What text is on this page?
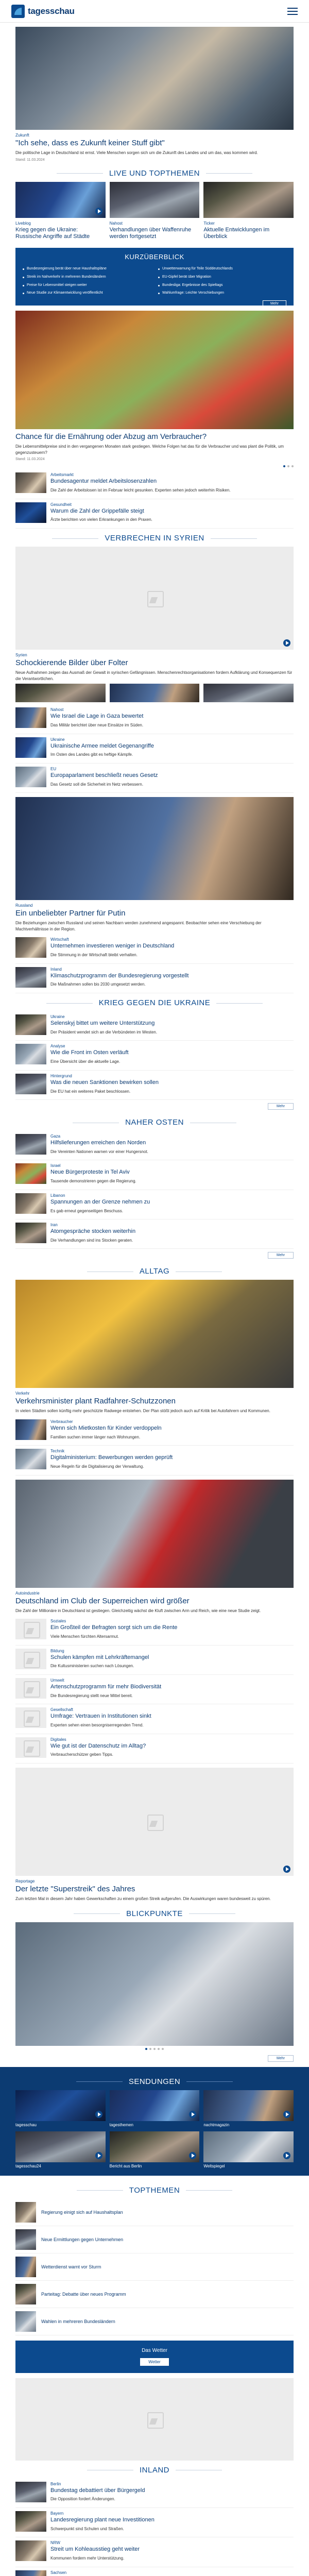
tagesschau
Zukunft
"Ich sehe, dass es Zukunft keiner Stuff gibt"
Die politische Lage in Deutschland ist ernst. Viele Menschen sorgen sich um die Zukunft des Landes und um das, was kommen wird.
Stand: 11.03.2024
LIVE UND TOPTHEMEN
Liveblog
Krieg gegen die Ukraine: Russische Angriffe auf Städte
Nahost
Verhandlungen über Waffenruhe werden fortgesetzt
Ticker
Aktuelle Entwicklungen im Überblick
KURZÜBERBLICK
Bundesregierung berät über neue Haushaltspläne
Streik im Nahverkehr in mehreren Bundesländern
Preise für Lebensmittel steigen weiter
Neue Studie zur Klimaentwicklung veröffentlicht
Unwetterwarnung für Teile Süddeutschlands
EU-Gipfel berät über Migration
Bundesliga: Ergebnisse des Spieltags
Wahlumfrage: Leichte Verschiebungen
Mehr
Chance für die Ernährung oder Abzug am Verbraucher?
Die Lebensmittelpreise sind in den vergangenen Monaten stark gestiegen. Welche Folgen hat das für die Verbraucher und was plant die Politik, um gegenzusteuern?
Stand: 11.03.2024
Arbeitsmarkt
Bundesagentur meldet Arbeitslosenzahlen
Die Zahl der Arbeitslosen ist im Februar leicht gesunken. Experten sehen jedoch weiterhin Risiken.
Gesundheit
Warum die Zahl der Grippefälle steigt
Ärzte berichten von vielen Erkrankungen in den Praxen.
VERBRECHEN IN SYRIEN
Syrien
Schockierende Bilder über Folter
Neue Aufnahmen zeigen das Ausmaß der Gewalt in syrischen Gefängnissen. Menschenrechtsorganisationen fordern Aufklärung und Konsequenzen für die Verantwortlichen.
Nahost
Wie Israel die Lage in Gaza bewertet
Das Militär berichtet über neue Einsätze im Süden.
Ukraine
Ukrainische Armee meldet Gegenangriffe
Im Osten des Landes gibt es heftige Kämpfe.
EU
Europaparlament beschließt neues Gesetz
Das Gesetz soll die Sicherheit im Netz verbessern.
Russland
Ein unbeliebter Partner für Putin
Die Beziehungen zwischen Russland und seinen Nachbarn werden zunehmend angespannt. Beobachter sehen eine Verschiebung der Machtverhältnisse in der Region.
Wirtschaft
Unternehmen investieren weniger in Deutschland
Die Stimmung in der Wirtschaft bleibt verhalten.
Inland
Klimaschutzprogramm der Bundesregierung vorgestellt
Die Maßnahmen sollen bis 2030 umgesetzt werden.
KRIEG GEGEN DIE UKRAINE
Ukraine
Selenskyj bittet um weitere Unterstützung
Der Präsident wendet sich an die Verbündeten im Westen.
Analyse
Wie die Front im Osten verläuft
Eine Übersicht über die aktuelle Lage.
Hintergrund
Was die neuen Sanktionen bewirken sollen
Die EU hat ein weiteres Paket beschlossen.
Mehr
NAHER OSTEN
Gaza
Hilfslieferungen erreichen den Norden
Die Vereinten Nationen warnen vor einer Hungersnot.
Israel
Neue Bürgerproteste in Tel Aviv
Tausende demonstrieren gegen die Regierung.
Libanon
Spannungen an der Grenze nehmen zu
Es gab erneut gegenseitigen Beschuss.
Iran
Atomgespräche stocken weiterhin
Die Verhandlungen sind ins Stocken geraten.
Mehr
ALLTAG
Verkehr
Verkehrsminister plant Radfahrer-Schutzzonen
In vielen Städten sollen künftig mehr geschützte Radwege entstehen. Der Plan stößt jedoch auch auf Kritik bei Autofahrern und Kommunen.
Verbraucher
Wenn sich Mietkosten für Kinder verdoppeln
Familien suchen immer länger nach Wohnungen.
Technik
Digitalministerium: Bewerbungen werden geprüft
Neue Regeln für die Digitalisierung der Verwaltung.
Autoindustrie
Deutschland im Club der Superreichen wird größer
Die Zahl der Millionäre in Deutschland ist gestiegen. Gleichzeitig wächst die Kluft zwischen Arm und Reich, wie eine neue Studie zeigt.
Soziales
Ein Großteil der Befragten sorgt sich um die Rente
Viele Menschen fürchten Altersarmut.
Bildung
Schulen kämpfen mit Lehrkräftemangel
Die Kultusministerien suchen nach Lösungen.
Umwelt
Artenschutzprogramm für mehr Biodiversität
Die Bundesregierung stellt neue Mittel bereit.
Gesellschaft
Umfrage: Vertrauen in Institutionen sinkt
Experten sehen einen besorgniserregenden Trend.
Digitales
Wie gut ist der Datenschutz im Alltag?
Verbraucherschützer geben Tipps.
Reportage
Der letzte "Superstreik" des Jahres
Zum letzten Mal in diesem Jahr haben Gewerkschaften zu einem großen Streik aufgerufen. Die Auswirkungen waren bundesweit zu spüren.
BLICKPUNKTE
Mehr
SENDUNGEN
tagesschau	tagesthemen	nachtmagazin
tagesschau24	Bericht aus Berlin	Weltspiegel
TOPTHEMEN
Regierung einigt sich auf Haushaltsplan
Neue Ermittlungen gegen Unternehmen
Wetterdienst warnt vor Sturm
Parteitag: Debatte über neues Programm
Wahlen in mehreren Bundesländern
Das Wetter
Wetter
INLAND
Berlin
Bundestag debattiert über Bürgergeld
Die Opposition fordert Änderungen.
Bayern
Landesregierung plant neue Investitionen
Schwerpunkt sind Schulen und Straßen.
NRW
Streit um Kohleausstieg geht weiter
Kommunen fordern mehr Unterstützung.
Sachsen
